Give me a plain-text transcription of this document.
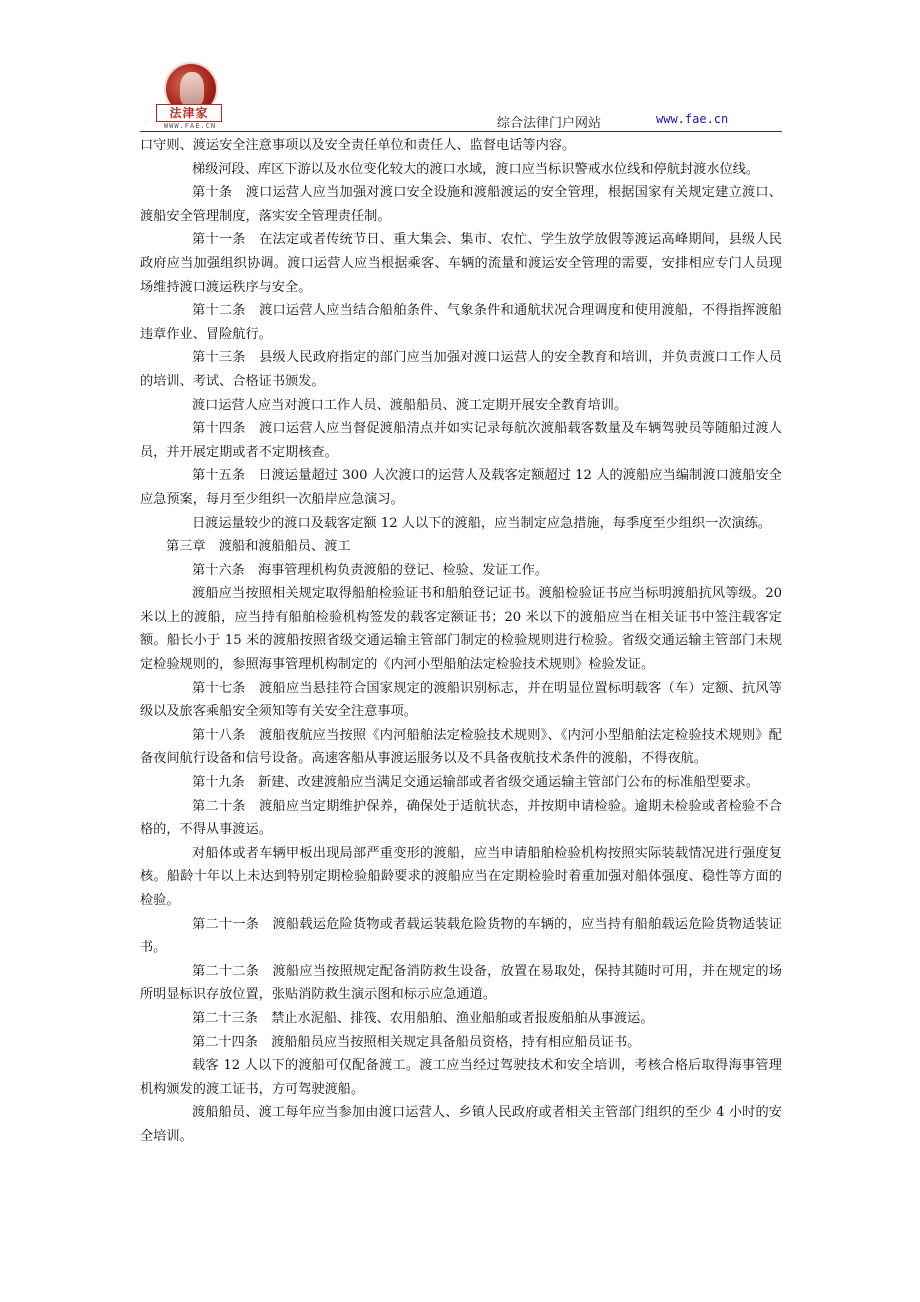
法津家
WWW.FAE.CN	综合法律门户网站	www.fae.cn

口守则、渡运安全注意事项以及安全责任单位和责任人、监督电话等内容。

梯级河段、库区下游以及水位变化较大的渡口水域，渡口应当标识警戒水位线和停航封渡水位线。

第十条　渡口运营人应当加强对渡口安全设施和渡船渡运的安全管理，根据国家有关规定建立渡口、渡船安全管理制度，落实安全管理责任制。

第十一条　在法定或者传统节日、重大集会、集市、农忙、学生放学放假等渡运高峰期间，县级人民政府应当加强组织协调。渡口运营人应当根据乘客、车辆的流量和渡运安全管理的需要，安排相应专门人员现场维持渡口渡运秩序与安全。

第十二条　渡口运营人应当结合船舶条件、气象条件和通航状况合理调度和使用渡船，不得指挥渡船违章作业、冒险航行。

第十三条　县级人民政府指定的部门应当加强对渡口运营人的安全教育和培训，并负责渡口工作人员的培训、考试、合格证书颁发。

渡口运营人应当对渡口工作人员、渡船船员、渡工定期开展安全教育培训。

第十四条　渡口运营人应当督促渡船清点并如实记录每航次渡船载客数量及车辆驾驶员等随船过渡人员，并开展定期或者不定期核查。

第十五条　日渡运量超过 300 人次渡口的运营人及载客定额超过 12 人的渡船应当编制渡口渡船安全应急预案，每月至少组织一次船岸应急演习。

日渡运量较少的渡口及载客定额 12 人以下的渡船，应当制定应急措施，每季度至少组织一次演练。

第三章　渡船和渡船船员、渡工

第十六条　海事管理机构负责渡船的登记、检验、发证工作。

渡船应当按照相关规定取得船舶检验证书和船舶登记证书。渡船检验证书应当标明渡船抗风等级。20 米以上的渡船，应当持有船舶检验机构签发的载客定额证书；20 米以下的渡船应当在相关证书中签注载客定额。船长小于 15 米的渡船按照省级交通运输主管部门制定的检验规则进行检验。省级交通运输主管部门未规定检验规则的，参照海事管理机构制定的《内河小型船舶法定检验技术规则》检验发证。

第十七条　渡船应当悬挂符合国家规定的渡船识别标志，并在明显位置标明载客（车）定额、抗风等级以及旅客乘船安全须知等有关安全注意事项。

第十八条　渡船夜航应当按照《内河船舶法定检验技术规则》、《内河小型船舶法定检验技术规则》配备夜间航行设备和信号设备。高速客船从事渡运服务以及不具备夜航技术条件的渡船，不得夜航。

第十九条　新建、改建渡船应当满足交通运输部或者省级交通运输主管部门公布的标准船型要求。

第二十条　渡船应当定期维护保养，确保处于适航状态，并按期申请检验。逾期未检验或者检验不合格的，不得从事渡运。

对船体或者车辆甲板出现局部严重变形的渡船，应当申请船舶检验机构按照实际装载情况进行强度复核。船龄十年以上未达到特别定期检验船龄要求的渡船应当在定期检验时着重加强对船体强度、稳性等方面的检验。

第二十一条　渡船载运危险货物或者载运装载危险货物的车辆的，应当持有船舶载运危险货物适装证书。

第二十二条　渡船应当按照规定配备消防救生设备，放置在易取处，保持其随时可用，并在规定的场所明显标识存放位置，张贴消防救生演示图和标示应急通道。

第二十三条　禁止水泥船、排筏、农用船舶、渔业船舶或者报废船舶从事渡运。

第二十四条　渡船船员应当按照相关规定具备船员资格，持有相应船员证书。

载客 12 人以下的渡船可仅配备渡工。渡工应当经过驾驶技术和安全培训，考核合格后取得海事管理机构颁发的渡工证书，方可驾驶渡船。

渡船船员、渡工每年应当参加由渡口运营人、乡镇人民政府或者相关主管部门组织的至少 4 小时的安全培训。
